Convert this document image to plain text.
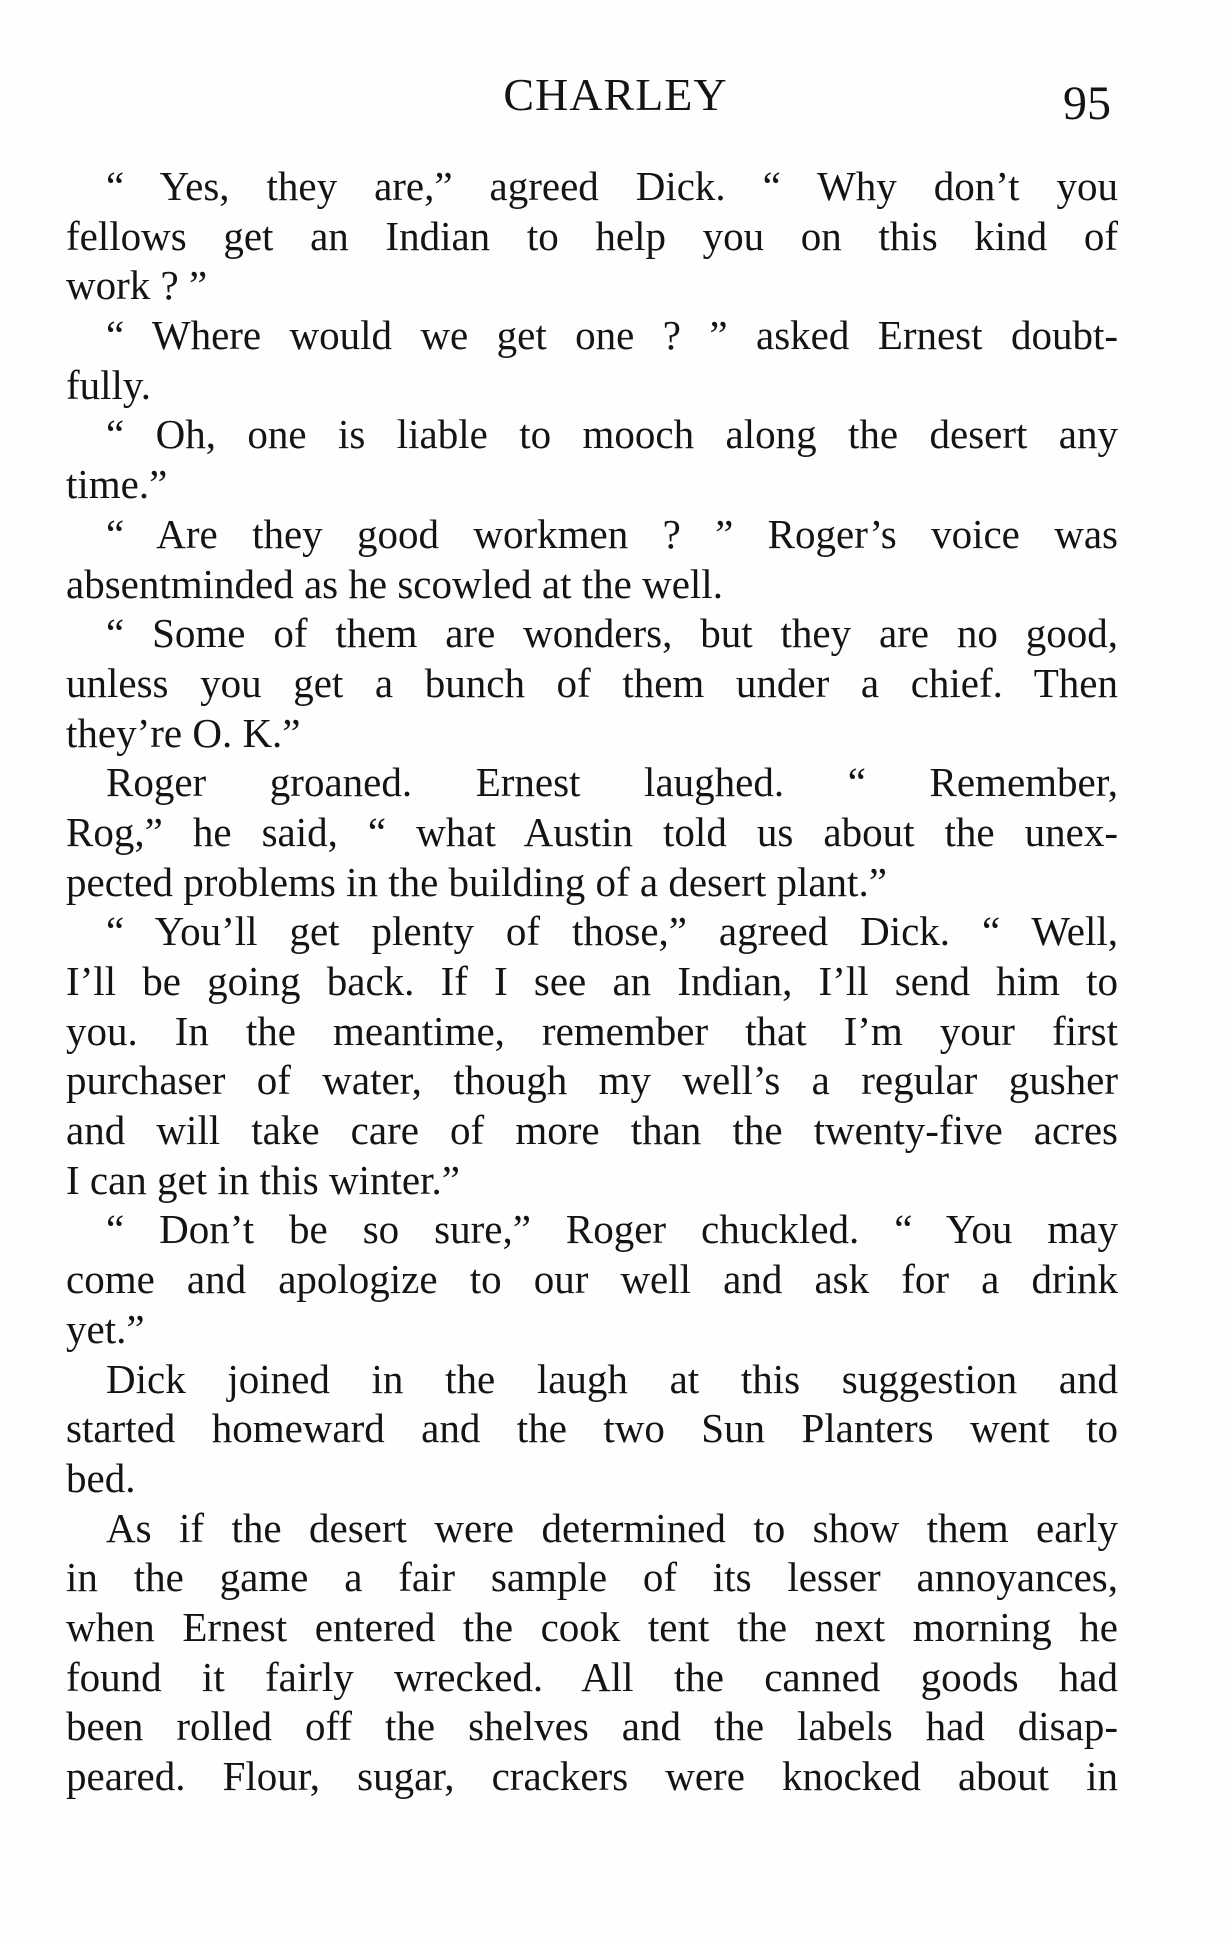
CHARLEY	95
“ Yes, they are,” agreed Dick. “ Why don’t you
fellows get an Indian to help you on this kind of
work ? ”
“ Where would we get one ? ” asked Ernest doubt-
fully.
“ Oh, one is liable to mooch along the desert any
time.”
“ Are they good workmen ? ” Roger’s voice was
absentminded as he scowled at the well.
“ Some of them are wonders, but they are no good,
unless you get a bunch of them under a chief. Then
they’re O. K.”
Roger groaned. Ernest laughed. “ Remember,
Rog,” he said, “ what Austin told us about the unex-
pected problems in the building of a desert plant.”
“ You’ll get plenty of those,” agreed Dick. “ Well,
I’ll be going back. If I see an Indian, I’ll send him to
you. In the meantime, remember that I’m your first
purchaser of water, though my well’s a regular gusher
and will take care of more than the twenty-five acres
I can get in this winter.”
“ Don’t be so sure,” Roger chuckled. “ You may
come and apologize to our well and ask for a drink
yet.”
Dick joined in the laugh at this suggestion and
started homeward and the two Sun Planters went to
bed.
As if the desert were determined to show them early
in the game a fair sample of its lesser annoyances,
when Ernest entered the cook tent the next morning he
found it fairly wrecked. All the canned goods had
been rolled off the shelves and the labels had disap-
peared. Flour, sugar, crackers were knocked about in
